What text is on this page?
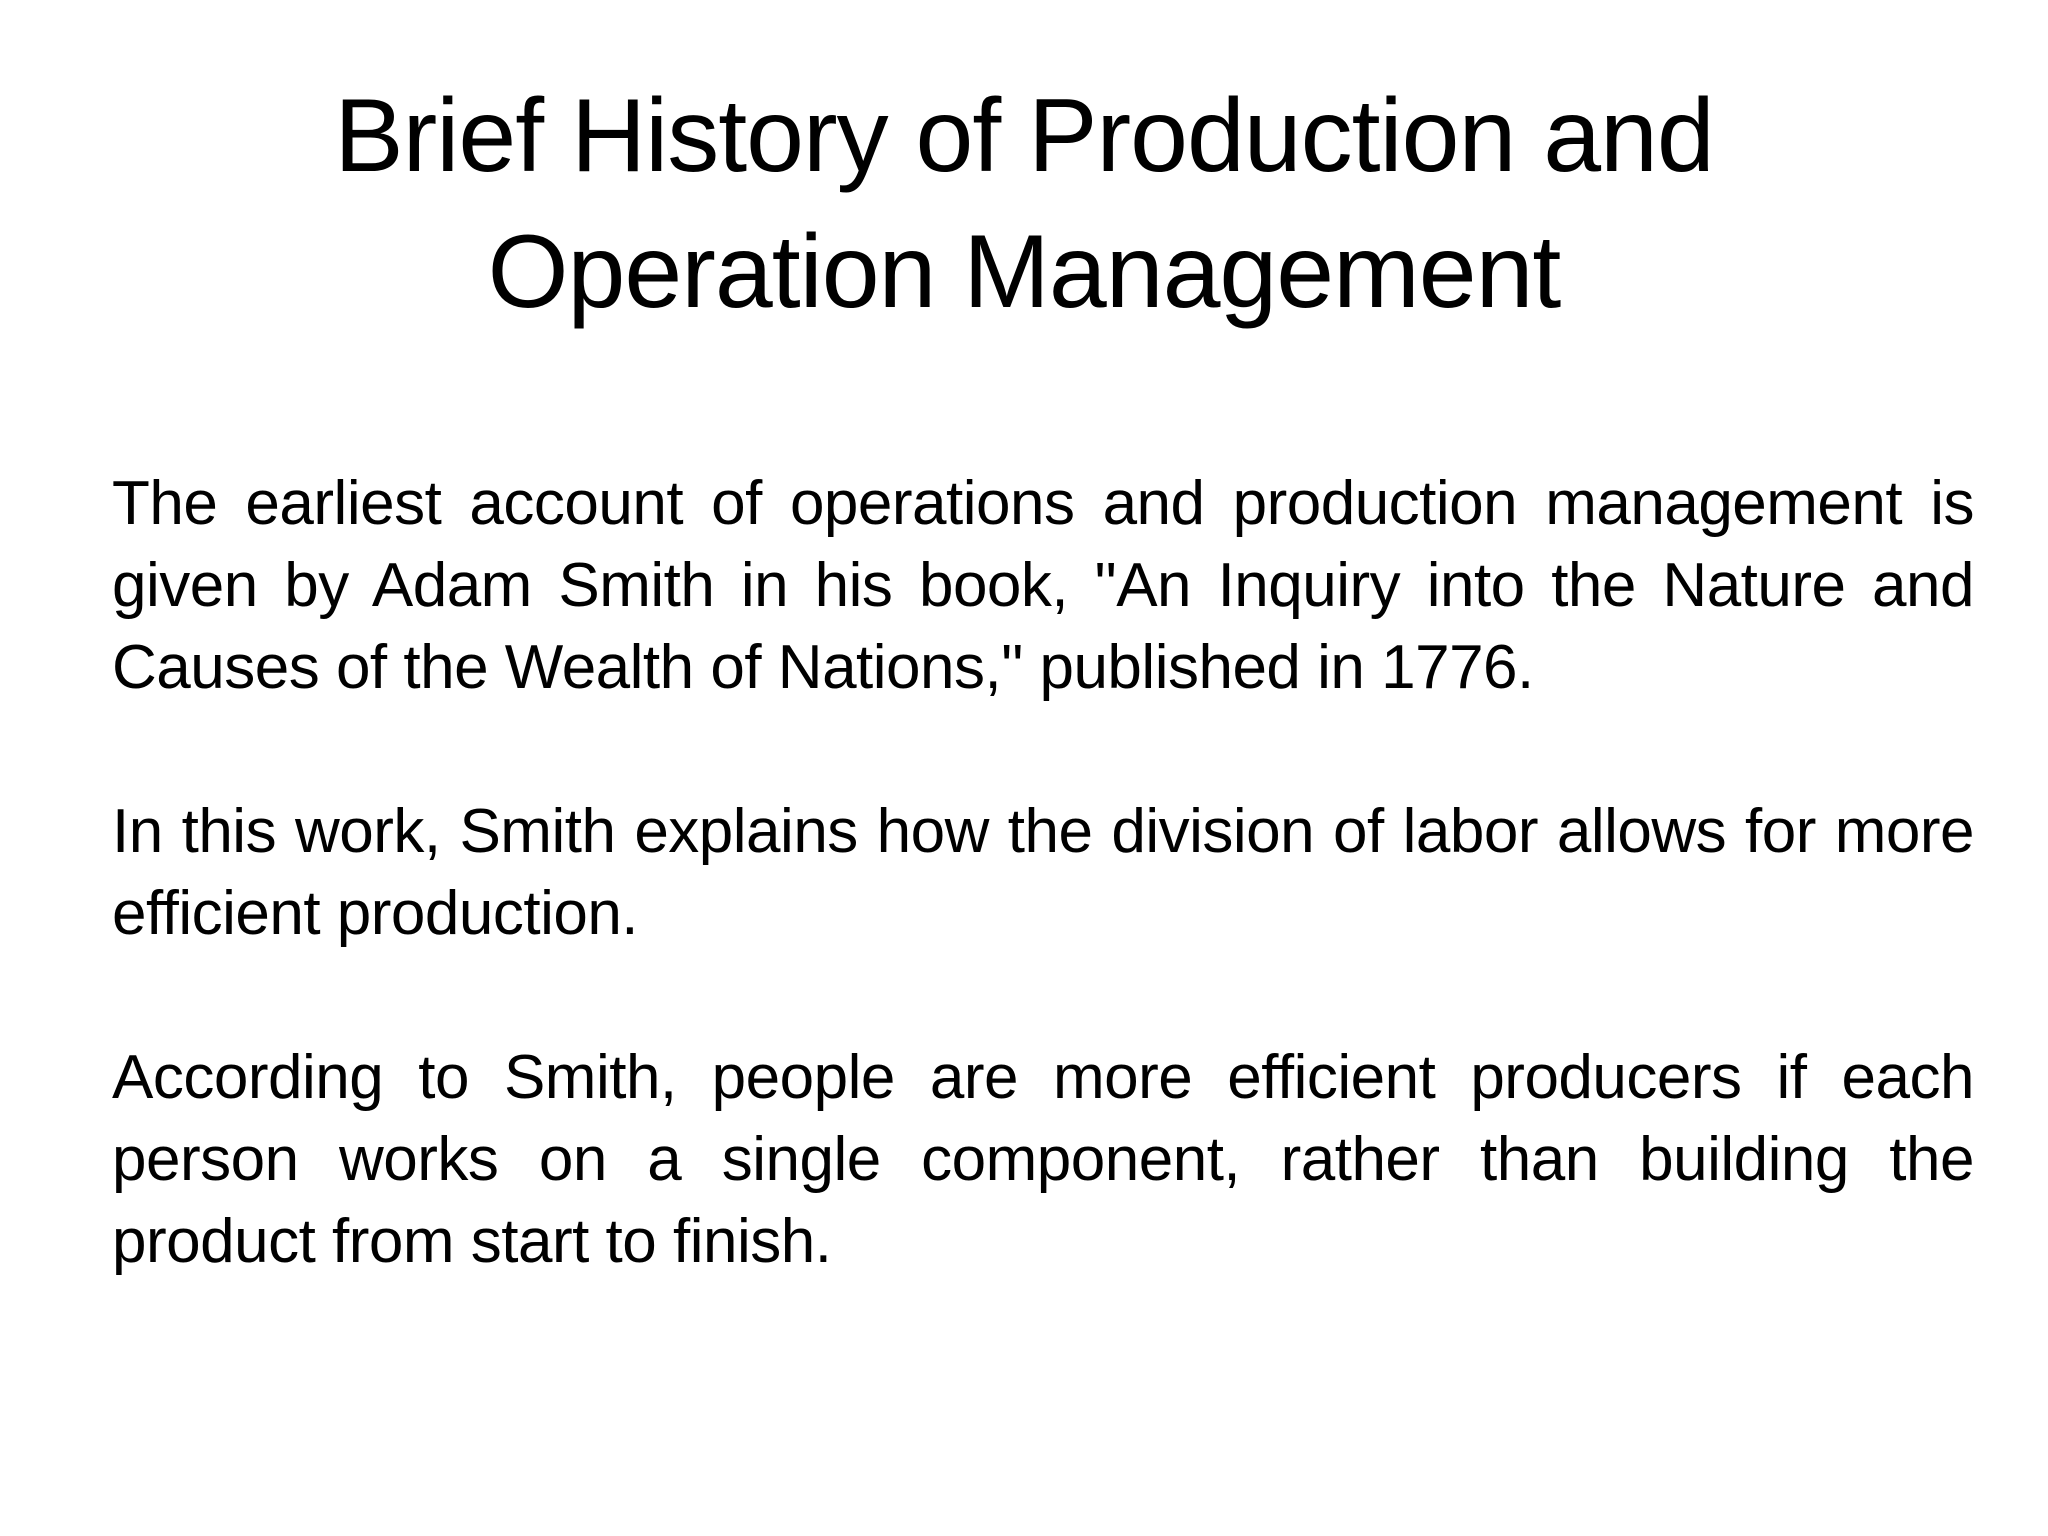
Brief History of Production and
Operation Management

The earliest account of operations and production management is given by Adam Smith in his book, "An Inquiry into the Nature and Causes of the Wealth of Nations," published in 1776.

In this work, Smith explains how the division of labor allows for more efficient production.

According to Smith, people are more efficient producers if each person works on a single component, rather than building the product from start to finish.
